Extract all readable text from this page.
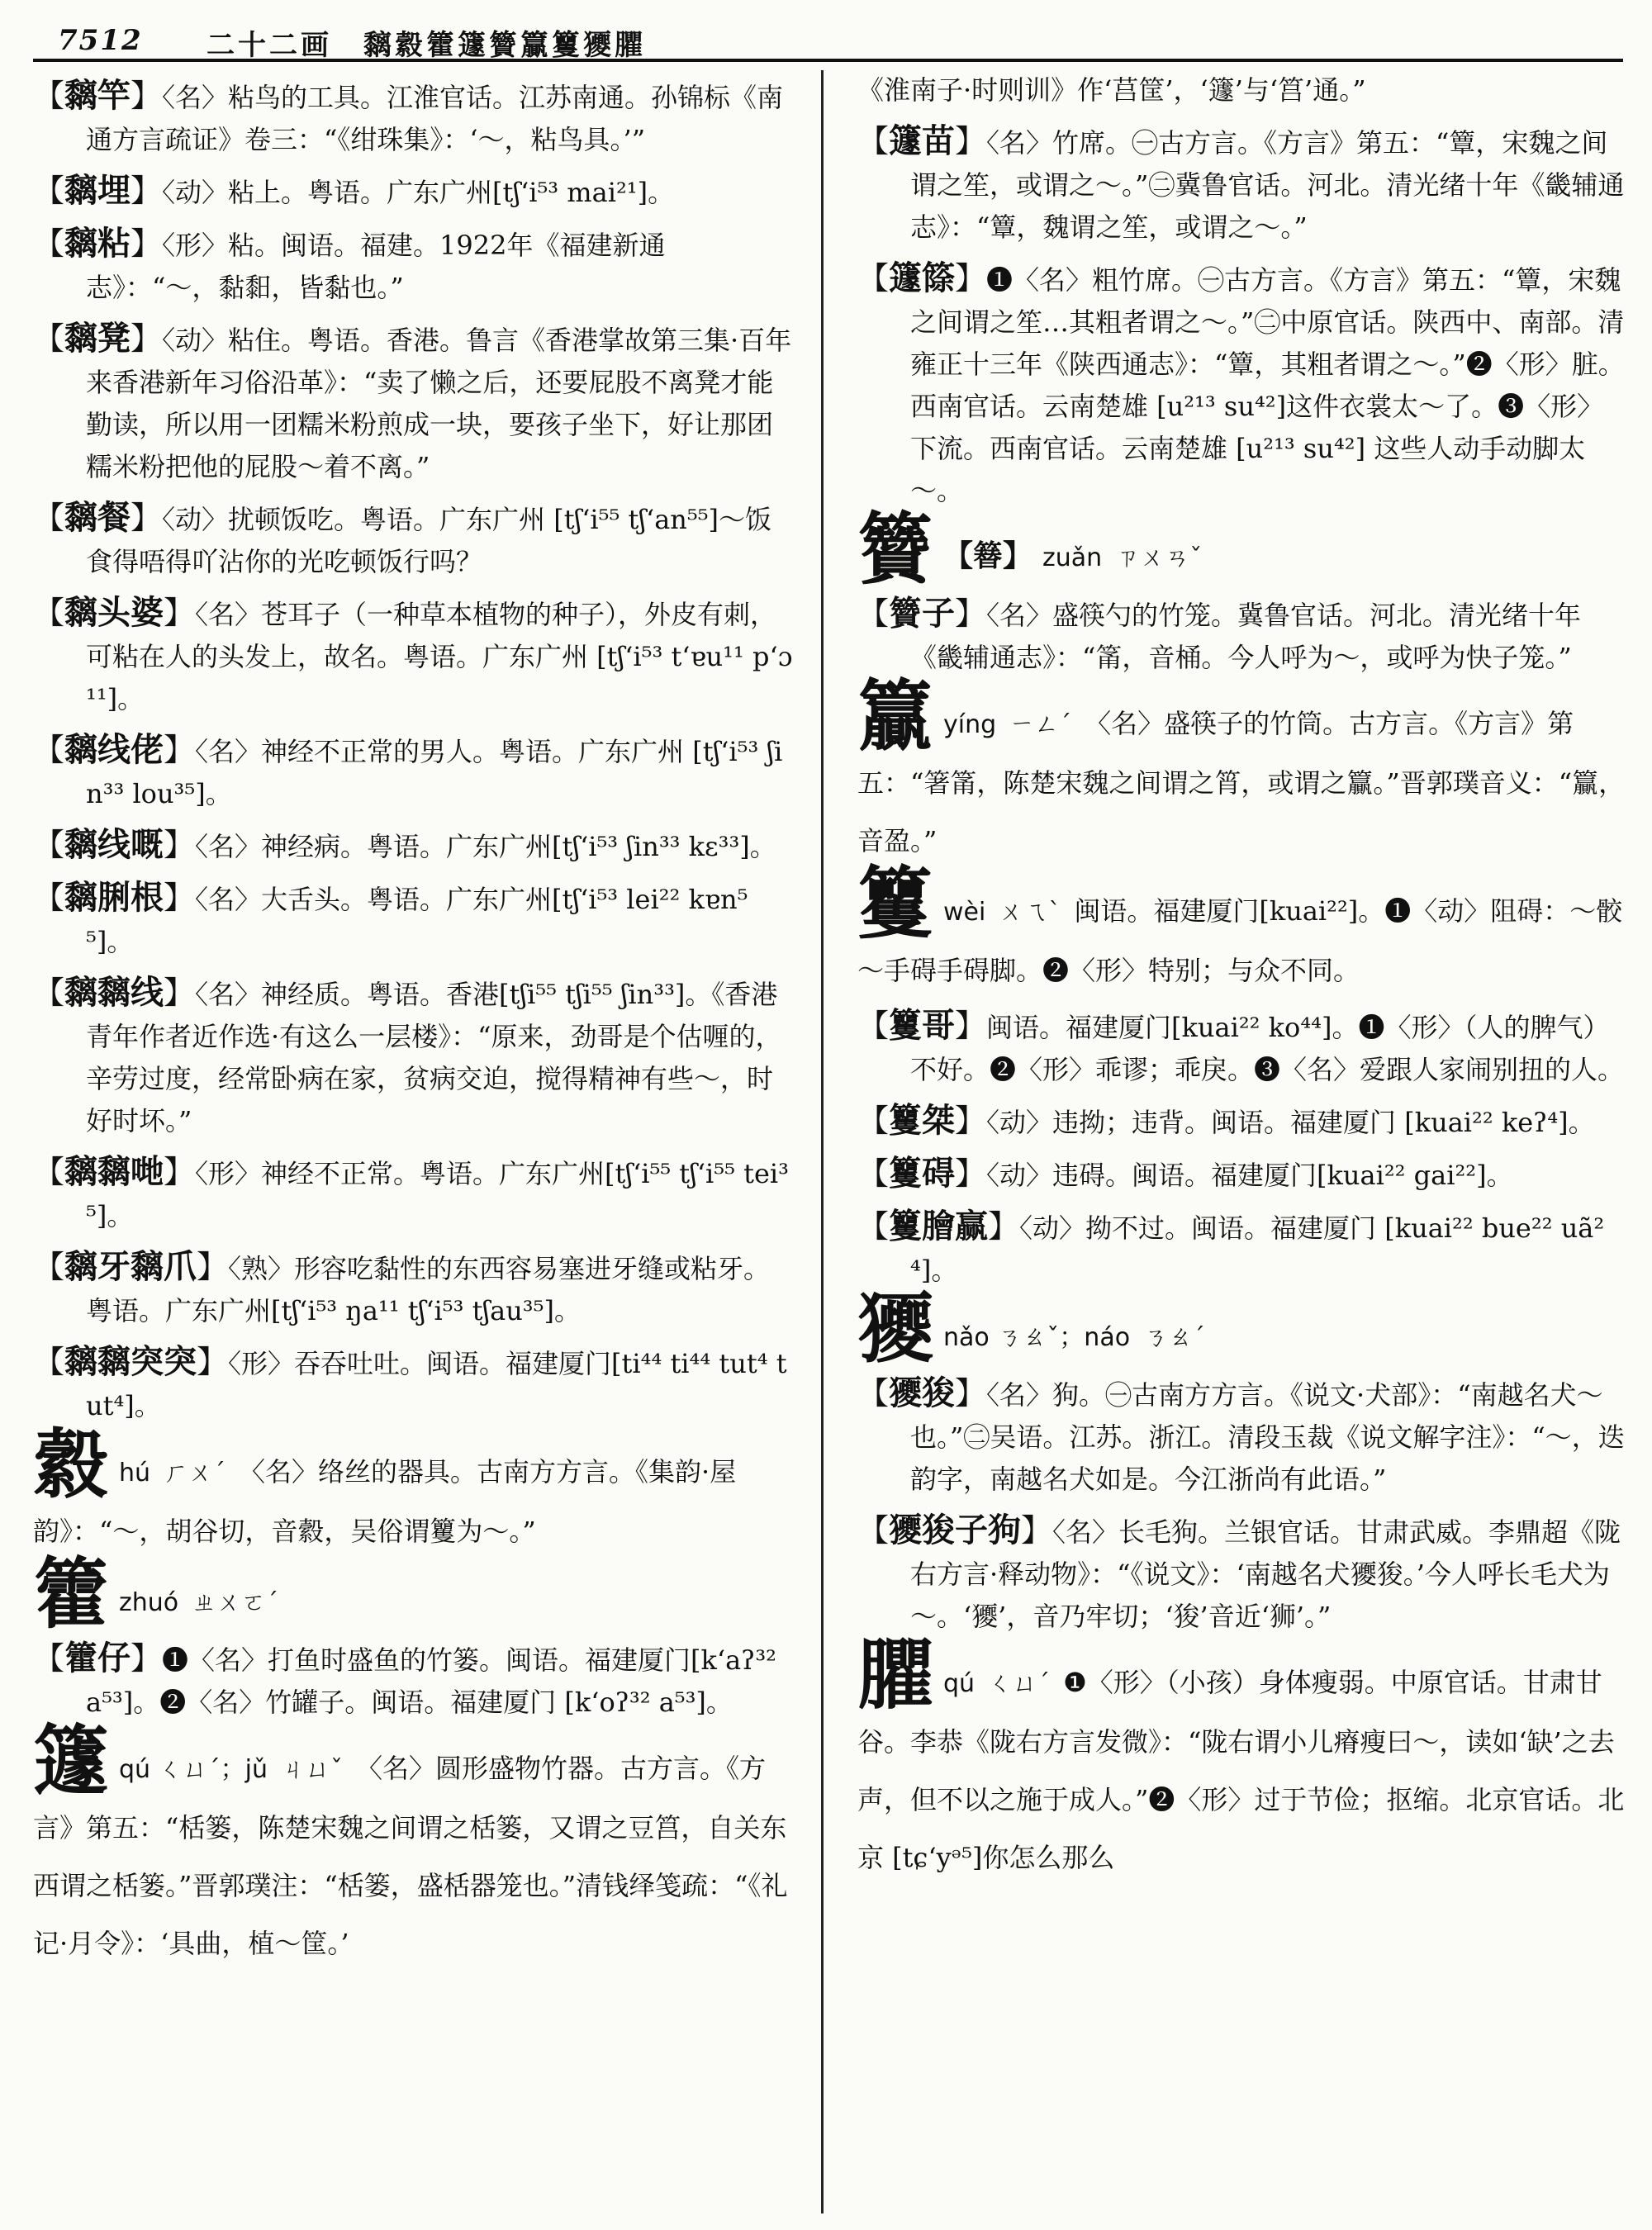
7512 二十二画　黐縠籗籧籫籯籰獿臞

【黐竿】〈名〉粘鸟的工具。江淮官话。江苏南通。孙锦标《南通方言疏证》卷三：“《绀珠集》：‘～，粘鸟具。’”

【黐埋】〈动〉粘上。粤语。广东广州[tʃʻi⁵³ mai²¹]。

【黐粘】〈形〉粘。闽语。福建。1922年《福建新通志》：“～，黏䵒，皆黏也。”

【黐凳】〈动〉粘住。粤语。香港。鲁言《香港掌故第三集·百年来香港新年习俗沿革》：“卖了懒之后，还要屁股不离凳才能勤读，所以用一团糯米粉煎成一块，要孩子坐下，好让那团糯米粉把他的屁股～着不离。”

【黐餐】〈动〉扰顿饭吃。粤语。广东广州 [tʃʻi⁵⁵ tʃʻan⁵⁵]～饭食得唔得吖沾你的光吃顿饭行吗？

【黐头婆】〈名〉苍耳子（一种草本植物的种子），外皮有刺，可粘在人的头发上，故名。粤语。广东广州 [tʃʻi⁵³ tʻɐu¹¹ pʻɔ¹¹]。

【黐线佬】〈名〉神经不正常的男人。粤语。广东广州 [tʃʻi⁵³ ʃin³³ lou³⁵]。

【黐线嘅】〈名〉神经病。粤语。广东广州[tʃʻi⁵³ ʃin³³ kɛ³³]。

【黐脷根】〈名〉大舌头。粤语。广东广州[tʃʻi⁵³ lei²² kɐn⁵⁵]。

【黐黐线】〈名〉神经质。粤语。香港[tʃi⁵⁵ tʃi⁵⁵ ʃin³³]。《香港青年作者近作选·有这么一层楼》：“原来，劲哥是个估喱的，辛劳过度，经常卧病在家，贫病交迫，搅得精神有些～，时好时坏。”

【黐黐哋】〈形〉神经不正常。粤语。广东广州[tʃʻi⁵⁵ tʃʻi⁵⁵ tei³⁵]。

【黐牙黐爪】〈熟〉形容吃黏性的东西容易塞进牙缝或粘牙。粤语。广东广州[tʃʻi⁵³ ŋa¹¹ tʃʻi⁵³ tʃau³⁵]。

【黐黐突突】〈形〉吞吞吐吐。闽语。福建厦门[ti⁴⁴ ti⁴⁴ tut⁴ tut⁴]。

縠hú ㄏㄨˊ 〈名〉络丝的器具。古南方方言。《集韵·屋韵》：“～，胡谷切，音縠，吴俗谓籰为～。”

籗zhuó ㄓㄨㄛˊ

【籗仔】❶〈名〉打鱼时盛鱼的竹篓。闽语。福建厦门[kʻaʔ³² a⁵³]。❷〈名〉竹罐子。闽语。福建厦门 [kʻoʔ³² a⁵³]。

籧qú ㄑㄩˊ；jǔ ㄐㄩˇ 〈名〉圆形盛物竹器。古方言。《方言》第五：“栝篓，陈楚宋魏之间谓之栝篓，又谓之豆筥，自关东西谓之栝篓。”晋郭璞注：“栝篓，盛栝器笼也。”清钱绎笺疏：“《礼记·月令》：‘具曲，植～筐。’

《淮南子·时则训》作‘莒筐’，‘籧’与‘筥’通。”

【籧苗】〈名〉竹席。㊀古方言。《方言》第五：“簟，宋魏之间谓之笙，或谓之～。”㊁冀鲁官话。河北。清光绪十年《畿辅通志》：“簟，魏谓之笙，或谓之～。”

【籧篨】❶〈名〉粗竹席。㊀古方言。《方言》第五：“簟，宋魏之间谓之笙…其粗者谓之～。”㊁中原官话。陕西中、南部。清雍正十三年《陕西通志》：“簟，其粗者谓之～。”❷〈形〉脏。西南官话。云南楚雄 [u²¹³ su⁴²]这件衣裳太～了。❸〈形〉下流。西南官话。云南楚雄 [u²¹³ su⁴²] 这些人动手动脚太～。

籫 【簮】 zuǎn ㄗㄨㄢˇ

【籫子】〈名〉盛筷勺的竹笼。冀鲁官话。河北。清光绪十年《畿辅通志》：“筩，音桶。今人呼为～，或呼为快子笼。”

籯yíng ㄧㄥˊ 〈名〉盛筷子的竹筒。古方言。《方言》第五：“箸筩，陈楚宋魏之间谓之筲，或谓之籯。”晋郭璞音义：“籯，音盈。”

籰wèi ㄨㄟˋ 闽语。福建厦门[kuai²²]。❶〈动〉阻碍：～骹～手碍手碍脚。❷〈形〉特别；与众不同。

【籰哥】闽语。福建厦门[kuai²² ko⁴⁴]。❶〈形〉（人的脾气）不好。❷〈形〉乖谬；乖戾。❸〈名〉爱跟人家闹别扭的人。

【籰桀】〈动〉违拗；违背。闽语。福建厦门 [kuai²² keʔ⁴]。

【籰碍】〈动〉违碍。闽语。福建厦门[kuai²² gai²²]。

【籰膾赢】〈动〉拗不过。闽语。福建厦门 [kuai²² bue²² uã²⁴]。

獿nǎo ㄋㄠˇ；náo ㄋㄠˊ

【獿狻】〈名〉狗。㊀古南方方言。《说文·犬部》：“南越名犬～也。”㊁吴语。江苏。浙江。清段玉裁《说文解字注》：“～，迭韵字，南越名犬如是。今江浙尚有此语。”

【獿狻子狗】〈名〉长毛狗。兰银官话。甘肃武威。李鼎超《陇右方言·释动物》：“《说文》：‘南越名犬獿狻。’今人呼长毛犬为～。‘獿’，音乃牢切；‘狻’音近‘狮’。”

臞qú ㄑㄩˊ ❶〈形〉（小孩）身体瘦弱。中原官话。甘肃甘谷。李恭《陇右方言发微》：“陇右谓小儿瘠瘦曰～，读如‘缺’之去声，但不以之施于成人。”❷〈形〉过于节俭；抠缩。北京官话。北京 [tɕʻyᵊ⁵]你怎么那么
